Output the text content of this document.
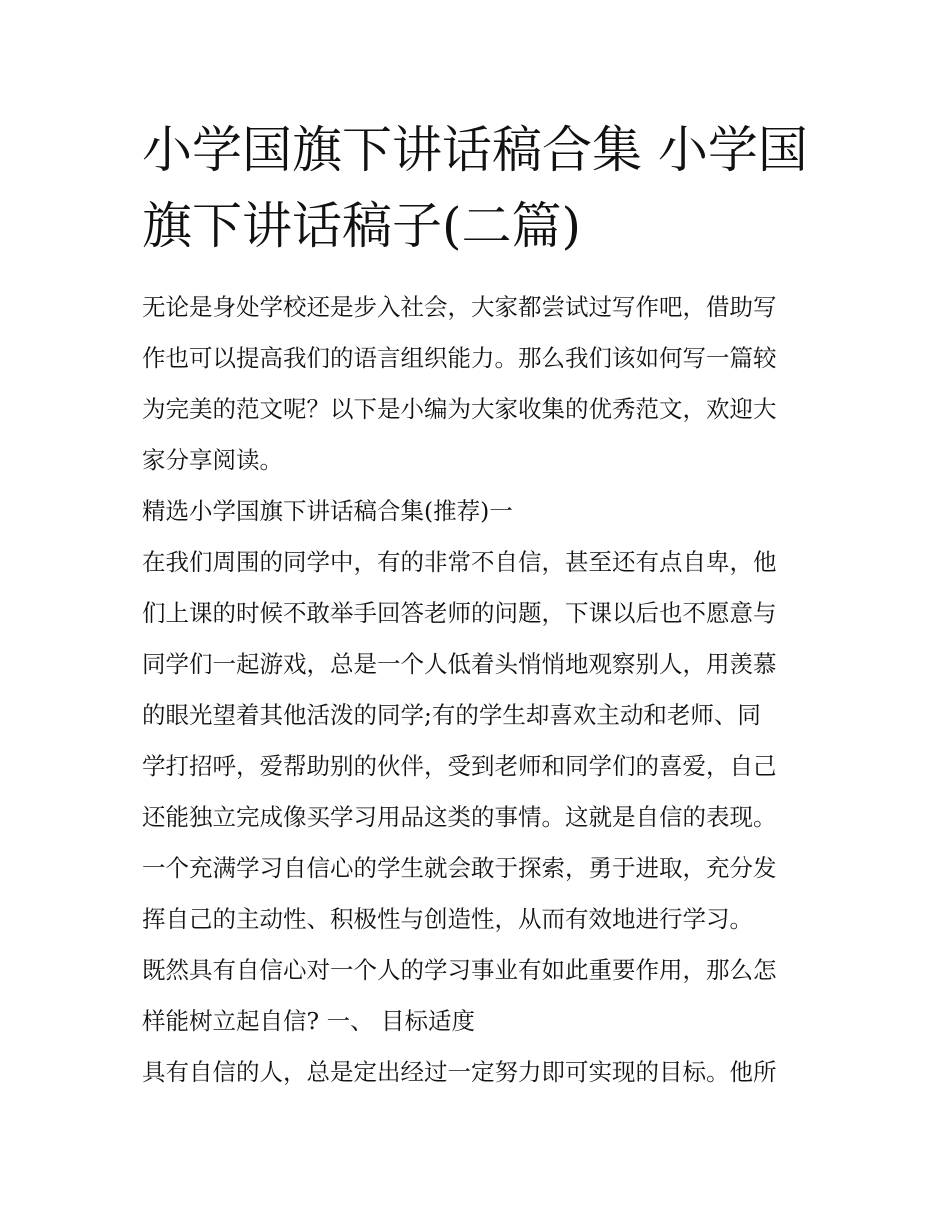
小学国旗下讲话稿合集 小学国
旗下讲话稿子(二篇)
无论是身处学校还是步入社会，大家都尝试过写作吧，借助写
作也可以提高我们的语言组织能力。那么我们该如何写一篇较
为完美的范文呢？以下是小编为大家收集的优秀范文，欢迎大
家分享阅读。
精选小学国旗下讲话稿合集(推荐)一
在我们周围的同学中，有的非常不自信，甚至还有点自卑，他
们上课的时候不敢举手回答老师的问题，下课以后也不愿意与
同学们一起游戏，总是一个人低着头悄悄地观察别人，用羡慕
的眼光望着其他活泼的同学;有的学生却喜欢主动和老师、同
学打招呼，爱帮助别的伙伴，受到老师和同学们的喜爱，自己
还能独立完成像买学习用品这类的事情。这就是自信的表现。
一个充满学习自信心的学生就会敢于探索，勇于进取，充分发
挥自己的主动性、积极性与创造性，从而有效地进行学习。
既然具有自信心对一个人的学习事业有如此重要作用，那么怎
样能树立起自信? 一、 目标适度
具有自信的人，总是定出经过一定努力即可实现的目标。他所
